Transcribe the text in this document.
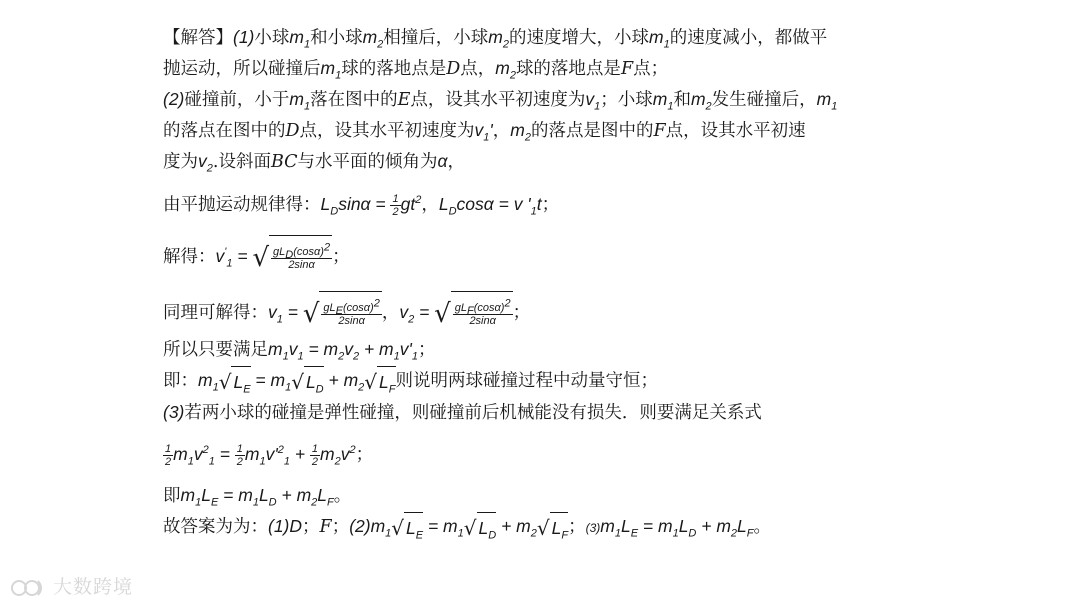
【解答】(1)小球$m_1$和小球$m_2$相撞后，小球$m_2$的速度增大，小球$m_1$的速度减小，都做平
抛运动，所以碰撞后$m_1$球的落地点是D点，$m_2$球的落地点是F点；
(2)碰撞前，小于$m_1$落在图中的E点，设其水平初速度为$v_1$；小球$m_1$和$m_2$发生碰撞后，$m_1$
的落点在图中的D点，设其水平初速度为$v_1'$，$m_2$的落点是图中的F点，设其水平初速
度为$v_2$.设斜面BC与水平面的倾角为α，
由平抛运动规律得：$L_D\sin\alpha = \frac{1}{2} gt^2$，$L_D\cos\alpha = v$ '$_1t$；
解得：$v'_1$ = √ $\frac{gL_D(\cos\alpha)^2}{2\sin\alpha}$ ；
同理可解得：$v_1$ = √ $\frac{gL_E(\cos\alpha)^2}{2\sin\alpha}$ ，$v_2$ = √ $\frac{gL_F(\cos\alpha)^2}{2\sin\alpha}$ ；
所以只要满足$m_1v_1 = m_2v_2 + m_1v'_1$；
即：$m_1√$ $L_E = m_1√$ $L_D + m_2√$ $L_F$则说明两球碰撞过程中动量守恒；
(3)若两小球的碰撞是弹性碰撞，则碰撞前后机械能没有损失．则要满足关系式
$\frac{1}{2} m_1v^2_1 = \frac{1}{2} m_1v'^2_1 + \frac{1}{2} m_2v^2$；
即$m_1L_E = m_1L_D + m_2L_F$。
故答案为为：(1)D；F；$(2)m_1√$ $L_E = m_1√$ $L_D + m_2√$ $L_F$；$(3)m_1L_E = m_1L_D + m_2L_F$。
大数跨境
